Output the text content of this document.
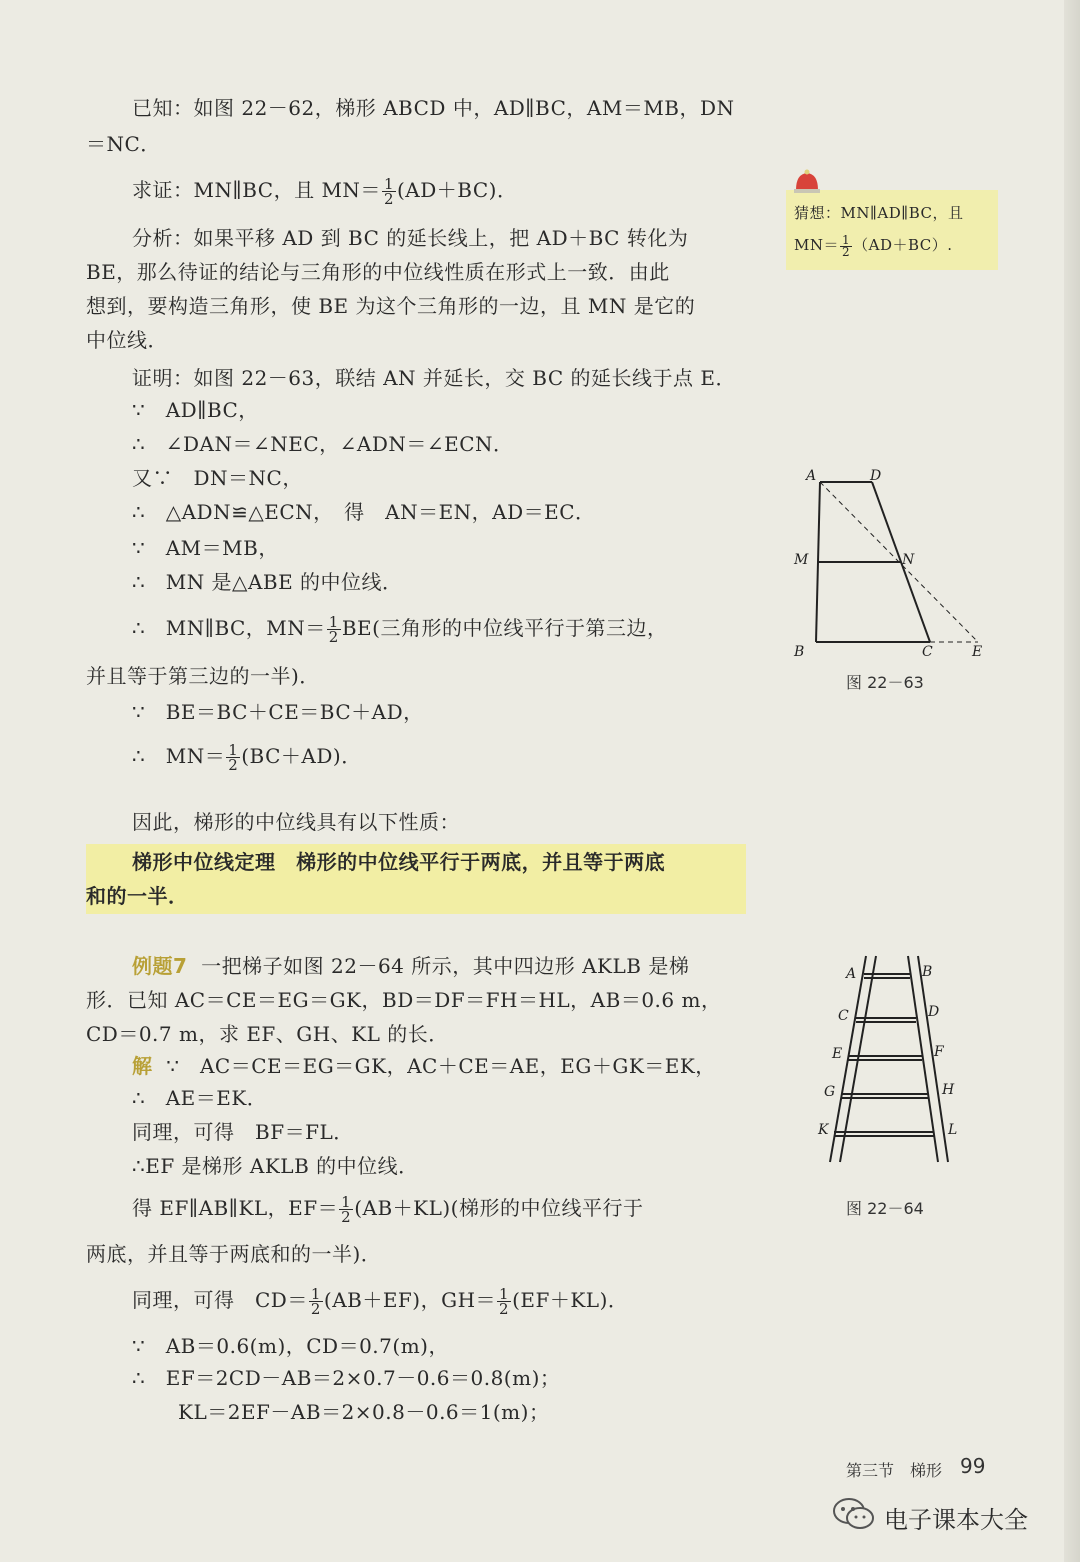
已知：如图 22－62，梯形 ABCD 中，AD∥BC，AM＝MB，DN
＝NC．
求证：MN∥BC，且 $MN= \frac{1}{2} (AD+BC)$．
分析：如果平移 AD 到 BC 的延长线上，把 AD＋BC 转化为
BE，那么待证的结论与三角形的中位线性质在形式上一致．由此
想到，要构造三角形，使 BE 为这个三角形的一边，且 MN 是它的
中位线．
证明：如图 22－63，联结 AN 并延长，交 BC 的延长线于点 E．
∵　AD∥BC，
∴　∠DAN＝∠NEC，∠ADN＝∠ECN．
又∵　DN＝NC，
∴　△ADN≌△ECN，　得　AN＝EN，AD＝EC．
∵　AM＝MB，
∴　MN 是△ABE 的中位线．
∴　MN∥BC，$MN= \frac{1}{2} BE$(三角形的中位线平行于第三边，
并且等于第三边的一半)．
∵　BE＝BC＋CE＝BC＋AD，
∴　$MN= \frac{1}{2} (BC+AD)$．
因此，梯形的中位线具有以下性质：
梯形中位线定理 梯形的中位线平行于两底，并且等于两底
和的一半．
例题7 一把梯子如图 22－64 所示，其中四边形 AKLB 是梯
形．已知 AC＝CE＝EG＝GK，BD＝DF＝FH＝HL，AB＝0.6 m，
CD＝0.7 m，求 EF、GH、KL 的长．
解 ∵　AC＝CE＝EG＝GK，AC＋CE＝AE，EG＋GK＝EK，
∴　AE＝EK．
同理，可得　BF＝FL．
∴EF 是梯形 AKLB 的中位线．
得 EF∥AB∥KL，$EF= \frac{1}{2} (AB+KL)$(梯形的中位线平行于
两底，并且等于两底和的一半)．
同理，可得　$CD= \frac{1}{2} (AB+EF)$，$GH= \frac{1}{2} (EF+KL)$．
∵　AB＝0.6(m)，CD＝0.7(m)，
∴　EF＝2CD－AB＝2×0.7－0.6＝0.8(m)；
KL＝2EF－AB＝2×0.8－0.6＝1(m)；
猜想：MN∥AD∥BC，且
$MN= \frac{1}{2} (AD+BC)$.
A	D
M	N
B	C	E
图 22－63
A	B
C	D
E	F
G	H
K	L
图 22－64
第三节　梯形 99
电子课本大全
